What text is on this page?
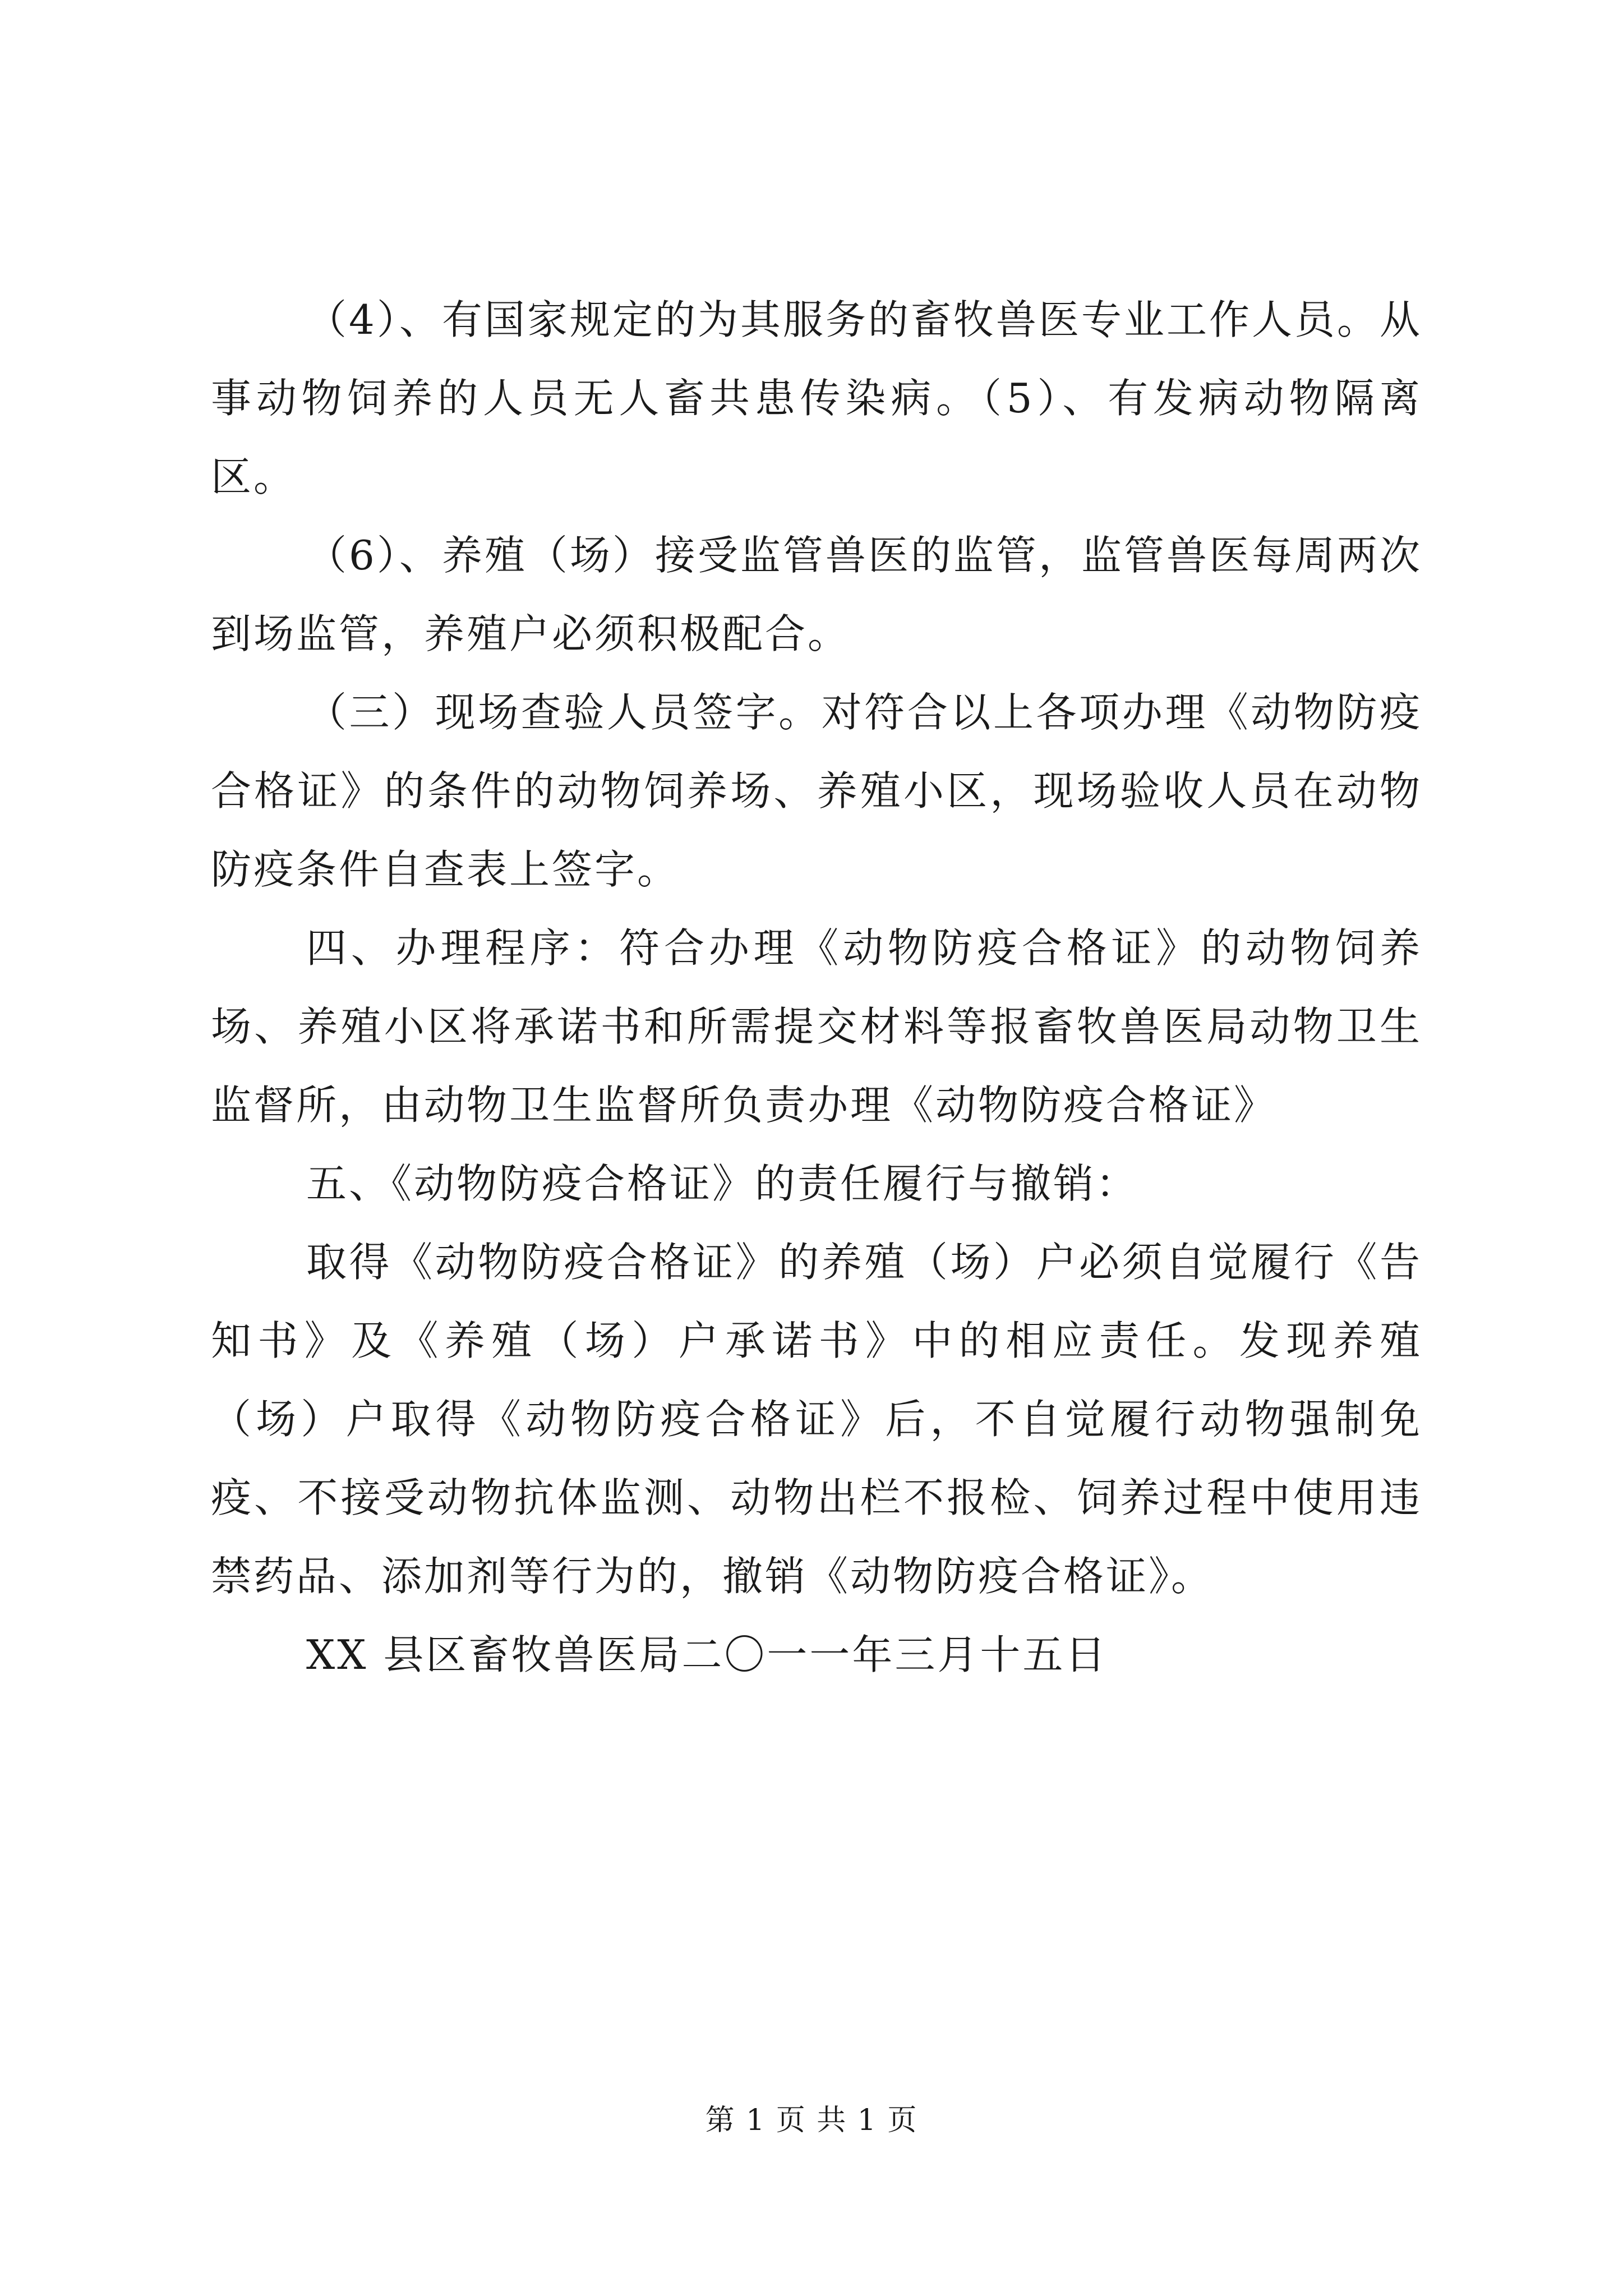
（4）、有国家规定的为其服务的畜牧兽医专业工作人员。从事动物饲养的人员无人畜共患传染病。（5）、有发病动物隔离区。

（6）、养殖（场）接受监管兽医的监管，监管兽医每周两次到场监管，养殖户必须积极配合。

（三）现场查验人员签字。对符合以上各项办理《动物防疫合格证》的条件的动物饲养场、养殖小区，现场验收人员在动物防疫条件自查表上签字。

四、办理程序：符合办理《动物防疫合格证》的动物饲养场、养殖小区将承诺书和所需提交材料等报畜牧兽医局动物卫生监督所，由动物卫生监督所负责办理《动物防疫合格证》

五、《动物防疫合格证》的责任履行与撤销：

取得《动物防疫合格证》的养殖（场）户必须自觉履行《告知书》及《养殖（场）户承诺书》中的相应责任。发现养殖（场）户取得《动物防疫合格证》后，不自觉履行动物强制免疫、不接受动物抗体监测、动物出栏不报检、饲养过程中使用违禁药品、添加剂等行为的，撤销《动物防疫合格证》。

XX 县区畜牧兽医局二〇一一年三月十五日

第 1 页 共 1 页
